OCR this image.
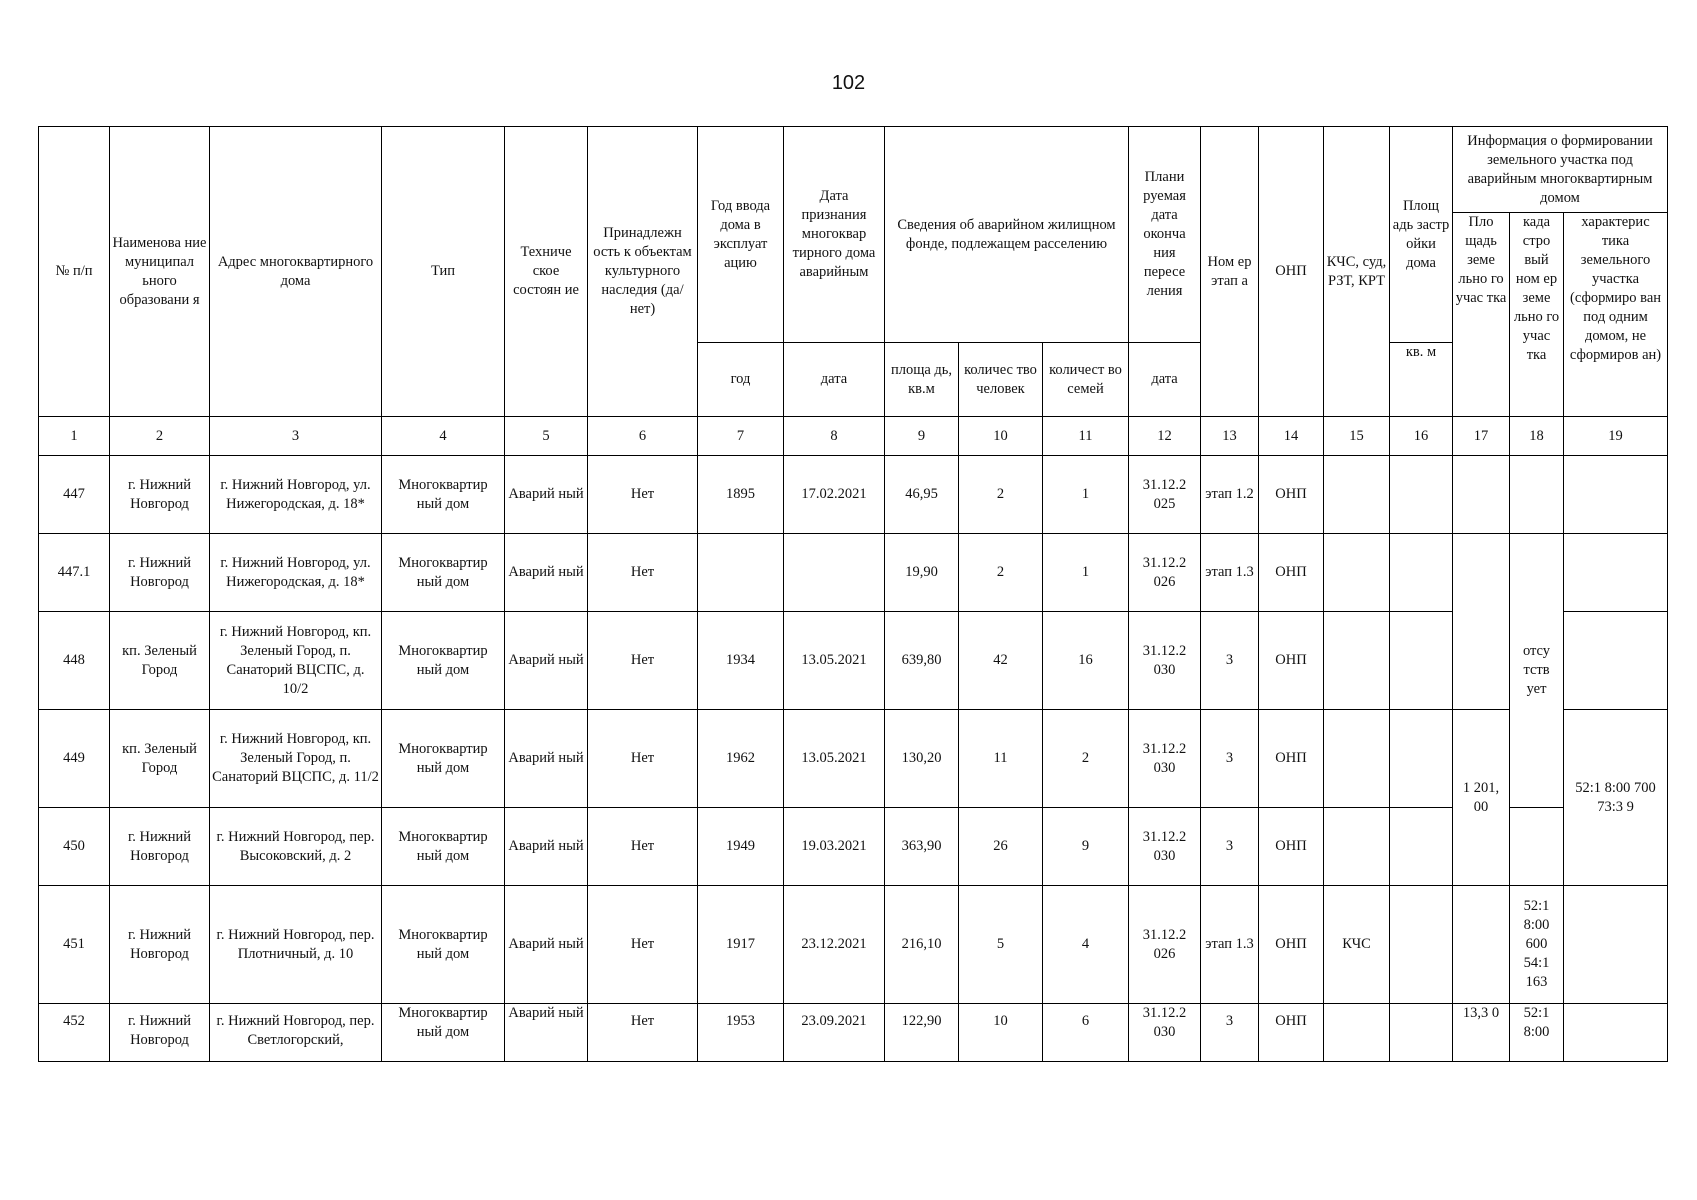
102
№ п/п	Наименова ние муниципал ьного образовани я	Адрес многоквартирного дома	Тип	Техниче ское состоян ие	Принадлежн ость к объектам культурного наследия (да/нет)	Год ввода дома в эксплуат ацию	Дата признания многоквар тирного дома аварийным	Сведения об аварийном жилищном фонде, подлежащем расселению			Плани руемая дата оконча ния пересе ления	Ном ер этап а	ОНП	КЧС, суд, РЗТ, КРТ	Площ адь застр ойки дома	Информация о формировании земельного участка под аварийным многоквартирным домом			
																Пло щадь земе льно го учас тка	када стро вый ном ер земе льно го учас тка	характерис тика земельного участка (сформиро ван под одним домом, не сформиров ан)	
						год	дата	площа дь, кв.м	количес тво человек	количест во семей	дата				кв. м				
1	2	3	4	5	6	7	8	9	10	11	12	13	14	15	16	17	18	19	
447	г. Нижний Новгород	г. Нижний Новгород, ул. Нижегородская, д. 18*	Многоквартир ный дом	Аварий ный	Нет	1895	17.02.2021	46,95	2	1	31.12.2 025	этап 1.2	ОНП						
447.1	г. Нижний Новгород	г. Нижний Новгород, ул. Нижегородская, д. 18*	Многоквартир ный дом	Аварий ный	Нет			19,90	2	1	31.12.2 026	этап 1.3	ОНП				отсу тств ует		
448	кп. Зеленый Город	г. Нижний Новгород, кп. Зеленый Город, п. Санаторий ВЦСПС, д. 10/2	Многоквартир ный дом	Аварий ный	Нет	1934	13.05.2021	639,80	42	16	31.12.2 030	3	ОНП						
449	кп. Зеленый Город	г. Нижний Новгород, кп. Зеленый Город, п. Санаторий ВЦСПС, д. 11/2	Многоквартир ный дом	Аварий ный	Нет	1962	13.05.2021	130,20	11	2	31.12.2 030	3	ОНП			1 201, 00		52:1 8:00 700 73:3 9	
450	г. Нижний Новгород	г. Нижний Новгород, пер. Высоковский, д. 2	Многоквартир ный дом	Аварий ный	Нет	1949	19.03.2021	363,90	26	9	31.12.2 030	3	ОНП						
451	г. Нижний Новгород	г. Нижний Новгород, пер. Плотничный, д. 10	Многоквартир ный дом	Аварий ный	Нет	1917	23.12.2021	216,10	5	4	31.12.2 026	этап 1.3	ОНП	КЧС			52:1 8:00 600 54:1 163		
452	г. Нижний Новгород	г. Нижний Новгород, пер. Светлогорский,	Многоквартир ный дом	Аварий ный	Нет	1953	23.09.2021	122,90	10	6	31.12.2 030	3	ОНП			13,3 0	52:1 8:00		
